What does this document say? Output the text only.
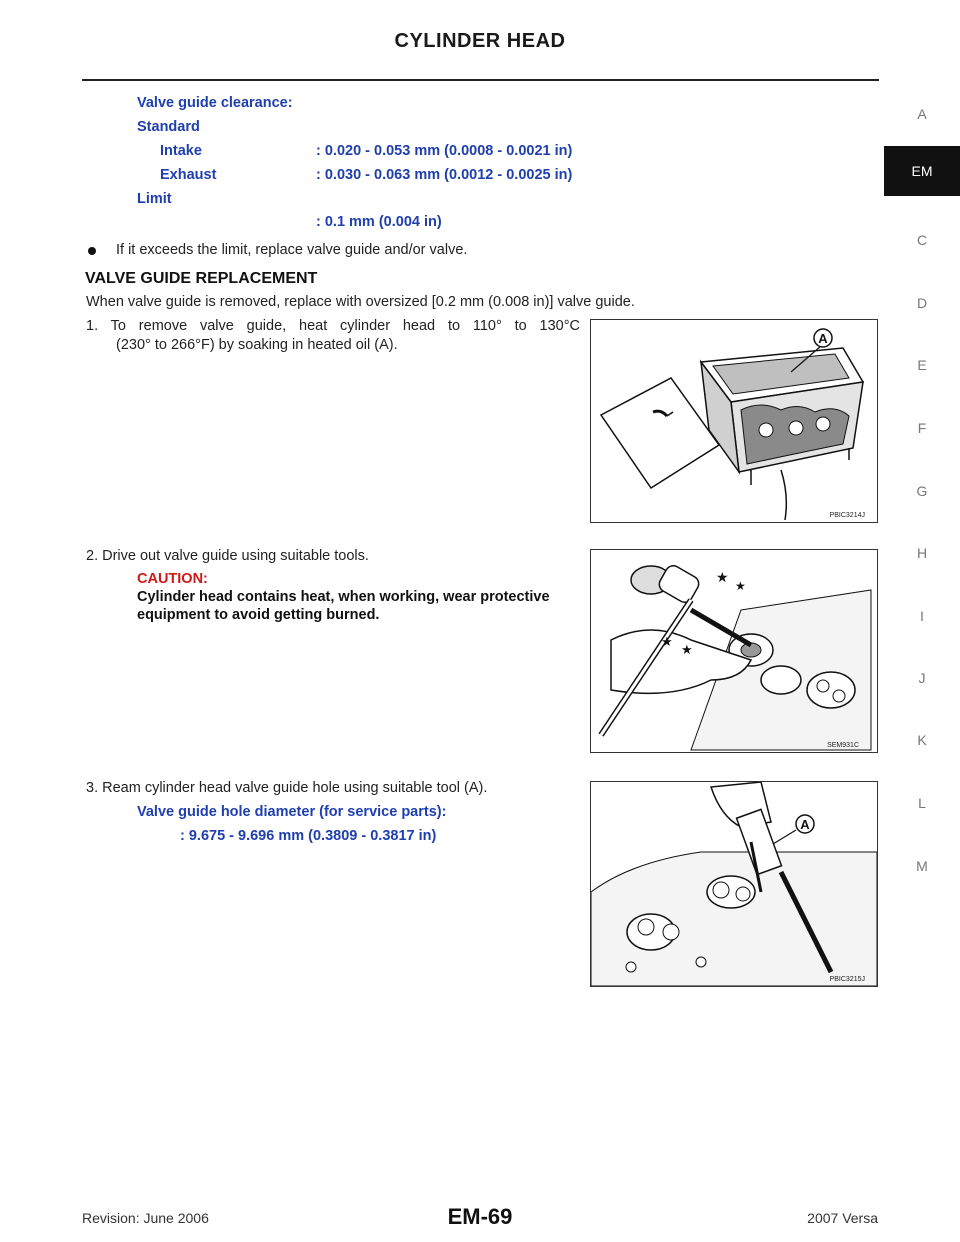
CYLINDER HEAD
A
EM
C
D
E
F
G
H
I
J
K
L
M
Valve guide clearance:
Standard
Intake	: 0.020 - 0.053 mm (0.0008 - 0.0021 in)
Exhaust	: 0.030 - 0.063 mm (0.0012 - 0.0025 in)
Limit
: 0.1 mm (0.004 in)
If it exceeds the limit, replace valve guide and/or valve.
VALVE GUIDE REPLACEMENT
When valve guide is removed, replace with oversized [0.2 mm (0.008 in)] valve guide.
1. To remove valve guide, heat cylinder head to 110° to 130°C
(230° to 266°F) by soaking in heated oil (A).	A
PBIC3214J
2. Drive out valve guide using suitable tools.
CAUTION:
Cylinder head contains heat, when working, wear protective
equipment to avoid getting burned.
★
★
★
★
SEM931C
3. Ream cylinder head valve guide hole using suitable tool (A).
Valve guide hole diameter (for service parts):
: 9.675 - 9.696 mm (0.3809 - 0.3817 in)
A
PBIC3215J
Revision: June 2006	EM-69	2007 Versa
